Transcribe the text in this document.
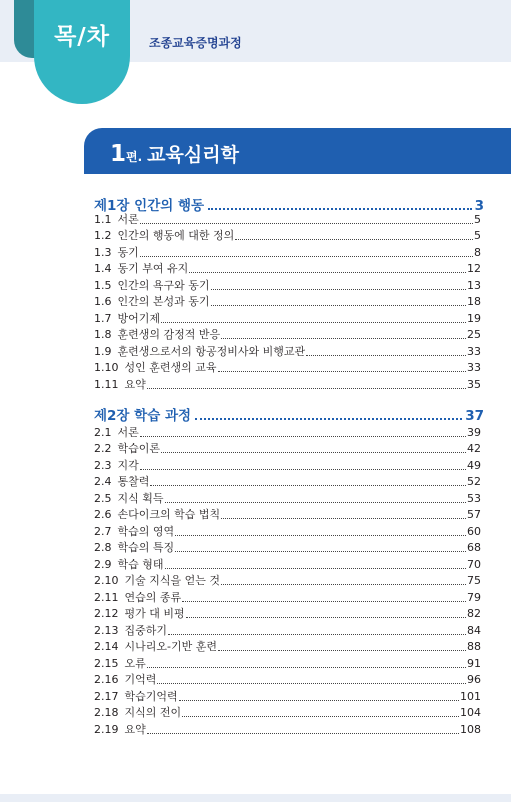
목/차	조종교육증명과정
1편. 교육심리학
제1장 인간의 행동	3
1.1 서론	5
1.2 인간의 행동에 대한 정의	5
1.3 동기	8
1.4 동기 부여 유지	12
1.5 인간의 욕구와 동기	13
1.6 인간의 본성과 동기	18
1.7 방어기제	19
1.8 훈련생의 감정적 반응	25
1.9 훈련생으로서의 항공정비사와 비행교관	33
1.10 성인 훈련생의 교육	33
1.11 요약	35
제2장 학습 과정	37
2.1 서론	39
2.2 학습이론	42
2.3 지각	49
2.4 통찰력	52
2.5 지식 획득	53
2.6 손다이크의 학습 법칙	57
2.7 학습의 영역	60
2.8 학습의 특징	68
2.9 학습 형태	70
2.10 기술 지식을 얻는 것	75
2.11 연습의 종류	79
2.12 평가 대 비평	82
2.13 집중하기	84
2.14 시나리오-기반 훈련	88
2.15 오류	91
2.16 기억력	96
2.17 학습기억력	101
2.18 지식의 전이	104
2.19 요약	108
